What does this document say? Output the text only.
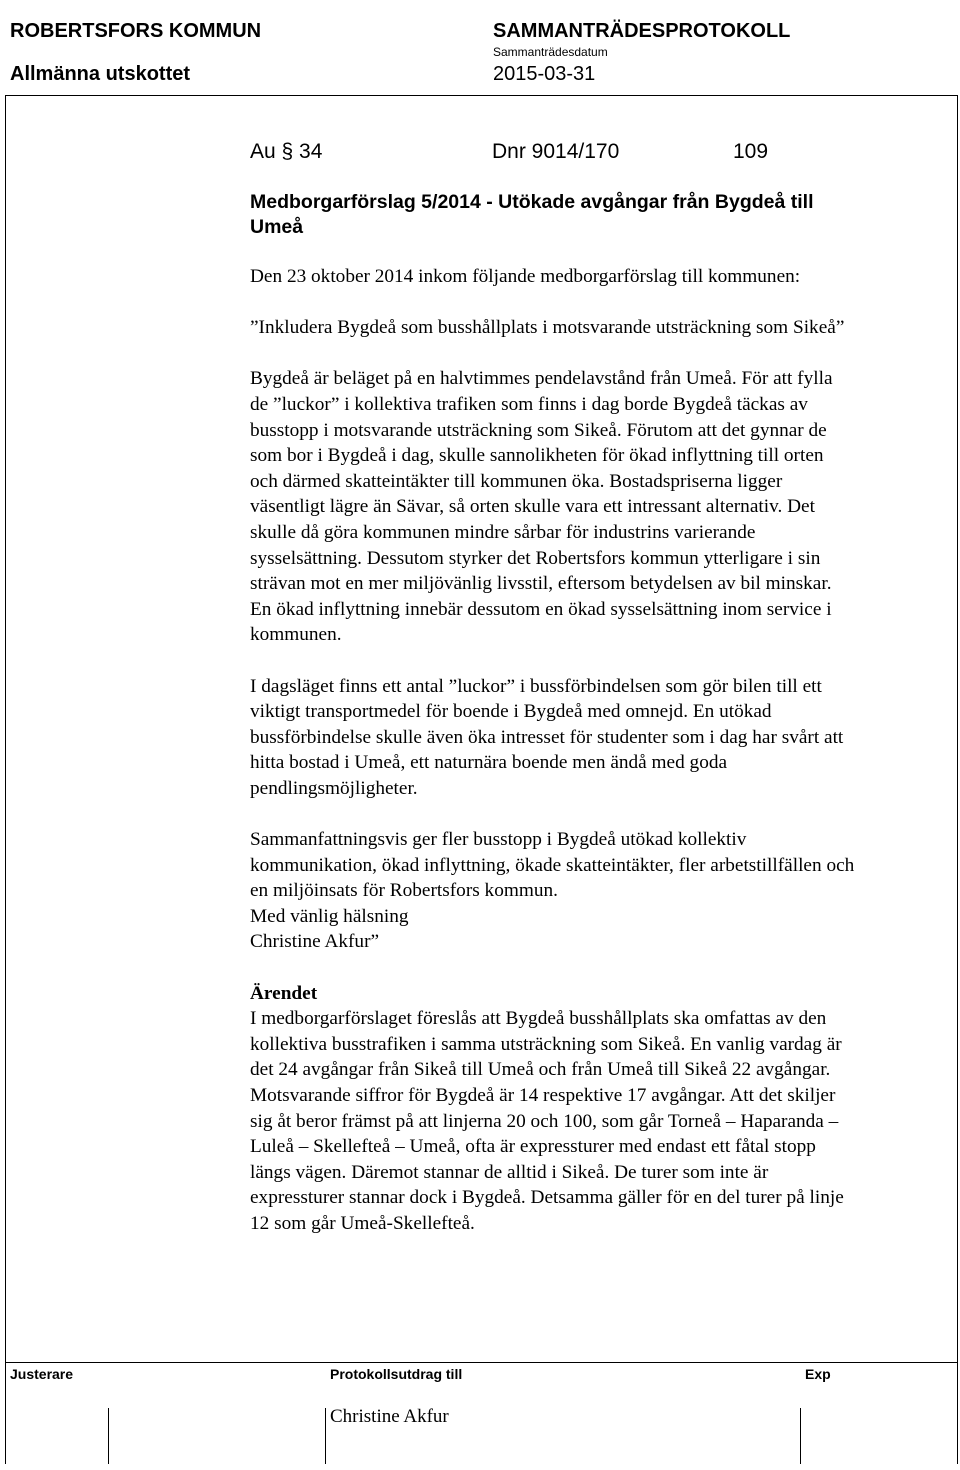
ROBERTSFORS KOMMUN	SAMMANTRÄDESPROTOKOLL
Sammanträdesdatum
Allmänna utskottet	2015-03-31
Au § 34	Dnr 9014/170	109
Medborgarförslag 5/2014 - Utökade avgångar från Bygdeå till Umeå

Den 23 oktober 2014 inkom följande medborgarförslag till kommunen:

”Inkludera Bygdeå som busshållplats i motsvarande utsträckning som Sikeå”

Bygdeå är beläget på en halvtimmes pendelavstånd från Umeå. För att fylla de ”luckor” i kollektiva trafiken som finns i dag borde Bygdeå täckas av busstopp i motsvarande utsträckning som Sikeå. Förutom att det gynnar de som bor i Bygdeå i dag, skulle sannolikheten för ökad inflyttning till orten och därmed skatteintäkter till kommunen öka. Bostadspriserna ligger väsentligt lägre än Sävar, så orten skulle vara ett intressant alternativ. Det skulle då göra kommunen mindre sårbar för industrins varierande sysselsättning. Dessutom styrker det Robertsfors kommun ytterligare i sin strävan mot en mer miljövänlig livsstil, eftersom betydelsen av bil minskar. En ökad inflyttning innebär dessutom en ökad sysselsättning inom service i kommunen.

I dagsläget finns ett antal ”luckor” i bussförbindelsen som gör bilen till ett viktigt transportmedel för boende i Bygdeå med omnejd. En utökad bussförbindelse skulle även öka intresset för studenter som i dag har svårt att hitta bostad i Umeå, ett naturnära boende men ändå med goda pendlingsmöjligheter.

Sammanfattningsvis ger fler busstopp i Bygdeå utökad kollektiv kommunikation, ökad inflyttning, ökade skatteintäkter, fler arbetstillfällen och en miljöinsats för Robertsfors kommun.

Med vänlig hälsning

Christine Akfur”

Ärendet

I medborgarförslaget föreslås att Bygdeå busshållplats ska omfattas av den kollektiva busstrafiken i samma utsträckning som Sikeå. En vanlig vardag är det 24 avgångar från Sikeå till Umeå och från Umeå till Sikeå 22 avgångar. Motsvarande siffror för Bygdeå är 14 respektive 17 avgångar. Att det skiljer sig åt beror främst på att linjerna 20 och 100, som går Torneå – Haparanda – Luleå – Skellefteå – Umeå, ofta är expressturer med endast ett fåtal stopp längs vägen. Däremot stannar de alltid i Sikeå. De turer som inte är expressturer stannar dock i Bygdeå. Detsamma gäller för en del turer på linje 12 som går Umeå-Skellefteå.

Justerare	Protokollsutdrag till	Exp
Christine Akfur
